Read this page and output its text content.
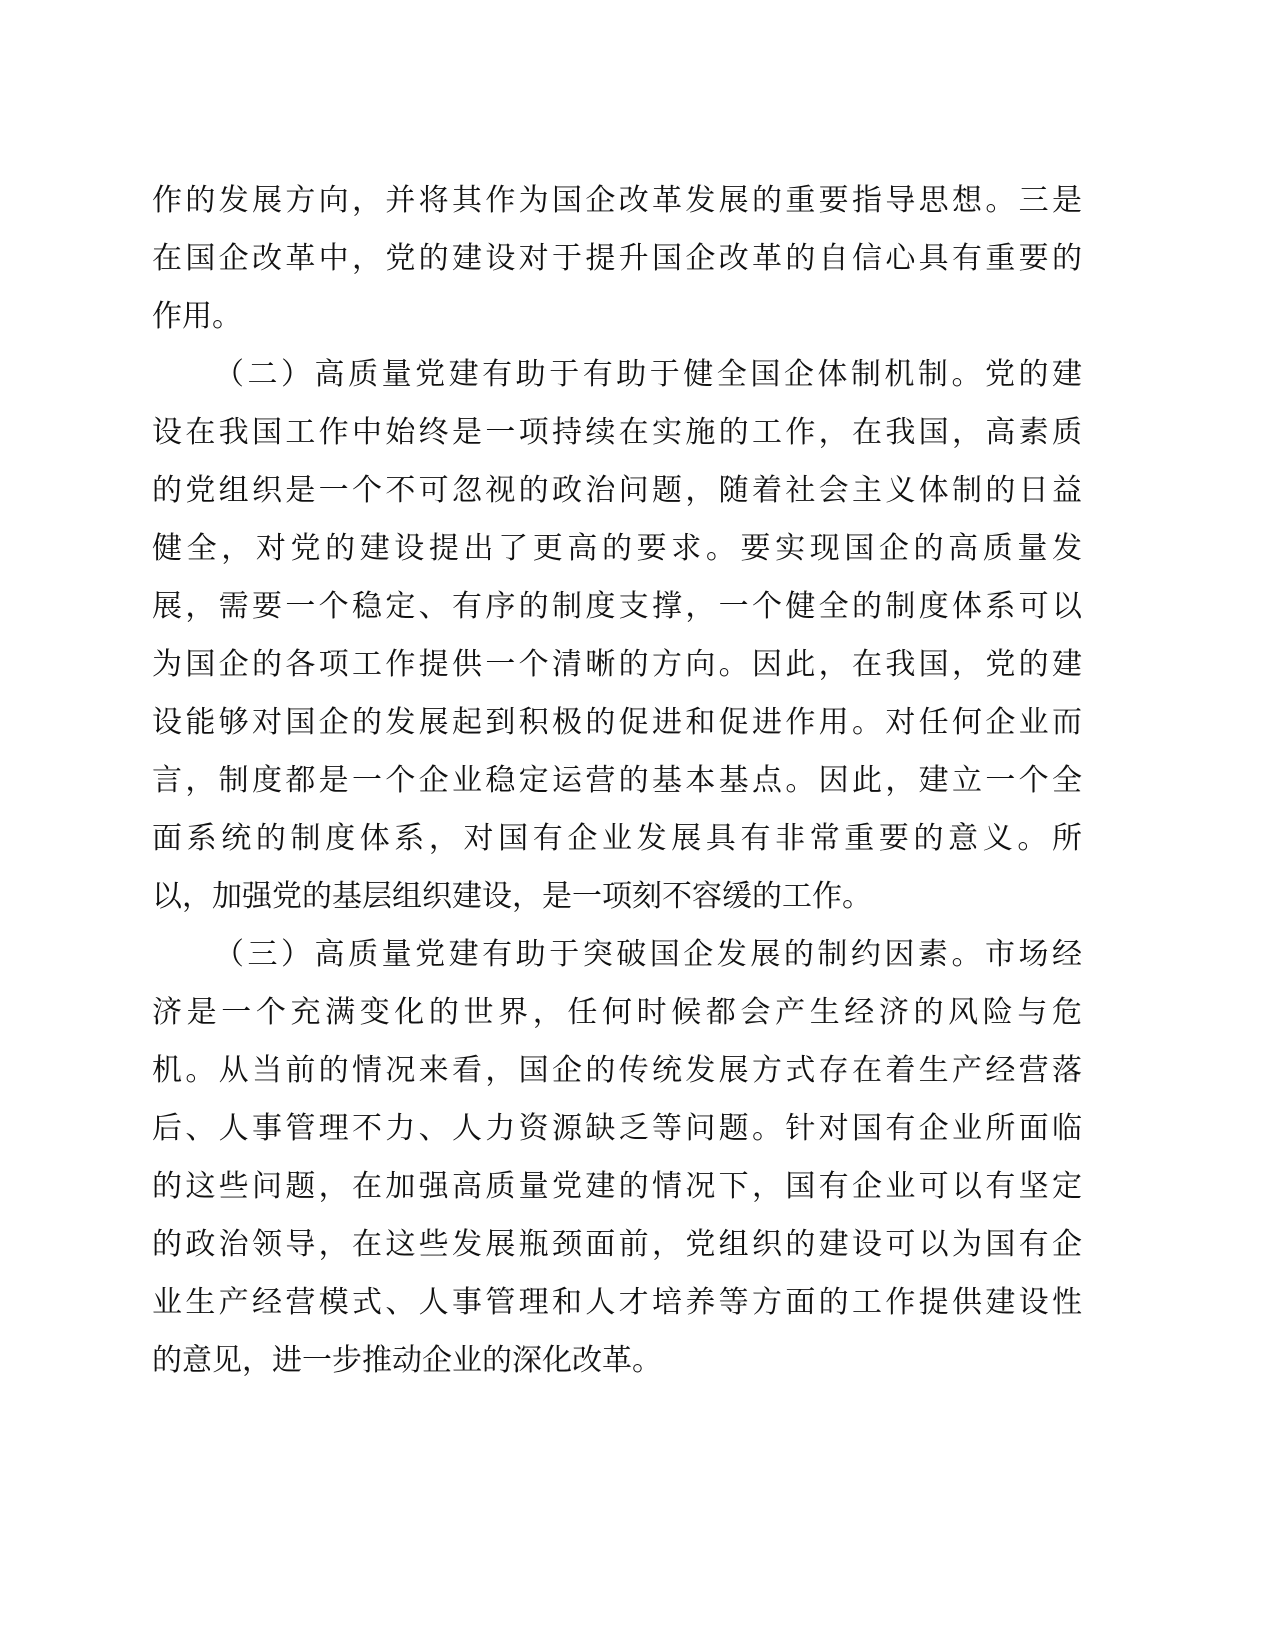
作的发展方向，并将其作为国企改革发展的重要指导思想。三是
在国企改革中，党的建设对于提升国企改革的自信心具有重要的
作用。
（二）高质量党建有助于有助于健全国企体制机制。党的建
设在我国工作中始终是一项持续在实施的工作，在我国，高素质
的党组织是一个不可忽视的政治问题，随着社会主义体制的日益
健全，对党的建设提出了更高的要求。要实现国企的高质量发
展，需要一个稳定、有序的制度支撑，一个健全的制度体系可以
为国企的各项工作提供一个清晰的方向。因此，在我国，党的建
设能够对国企的发展起到积极的促进和促进作用。对任何企业而
言，制度都是一个企业稳定运营的基本基点。因此，建立一个全
面系统的制度体系，对国有企业发展具有非常重要的意义。所
以，加强党的基层组织建设，是一项刻不容缓的工作。
（三）高质量党建有助于突破国企发展的制约因素。市场经
济是一个充满变化的世界，任何时候都会产生经济的风险与危
机。从当前的情况来看，国企的传统发展方式存在着生产经营落
后、人事管理不力、人力资源缺乏等问题。针对国有企业所面临
的这些问题，在加强高质量党建的情况下，国有企业可以有坚定
的政治领导，在这些发展瓶颈面前，党组织的建设可以为国有企
业生产经营模式、人事管理和人才培养等方面的工作提供建设性
的意见，进一步推动企业的深化改革。
